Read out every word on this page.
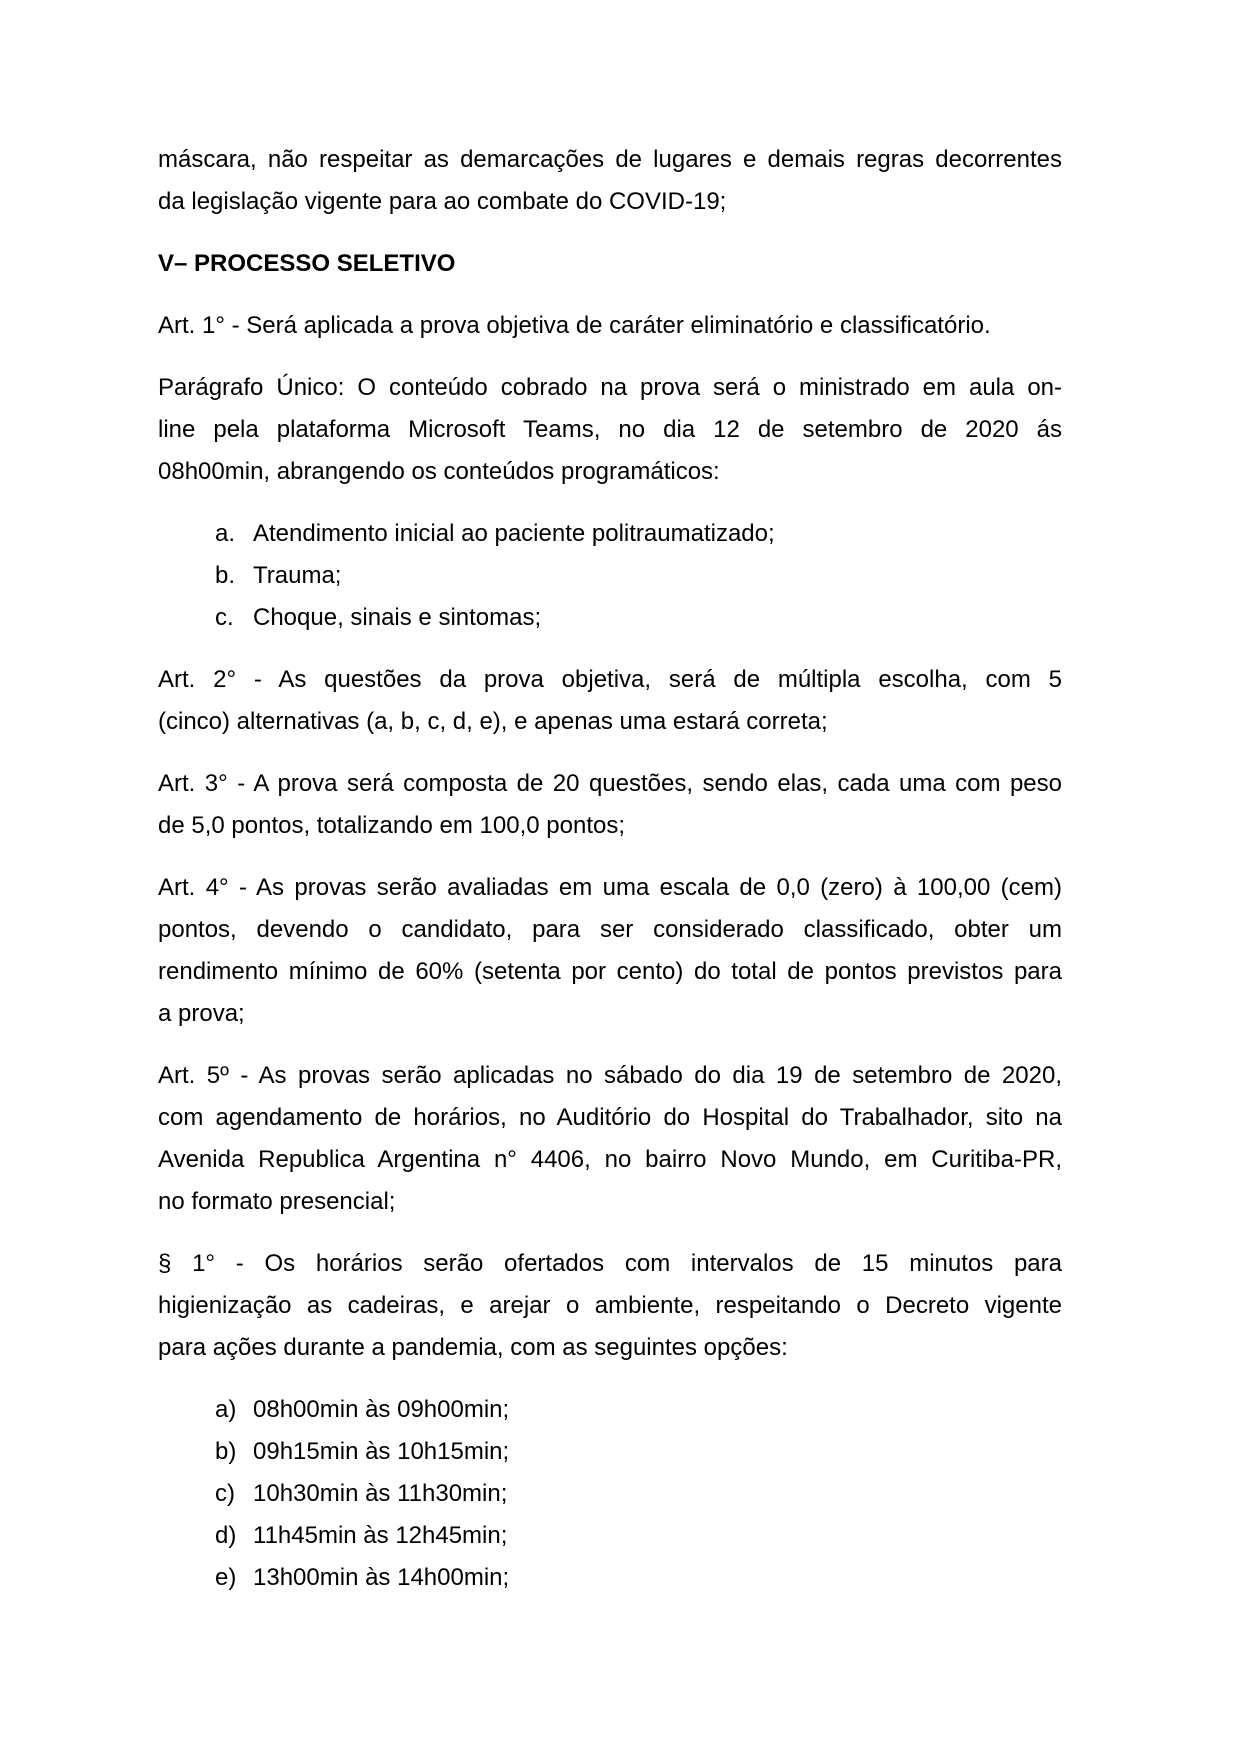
máscara, não respeitar as demarcações de lugares e demais regras decorrentes
da legislação vigente para ao combate do COVID-19;
V– PROCESSO SELETIVO
Art. 1° - Será aplicada a prova objetiva de caráter eliminatório e classificatório.
Parágrafo Único: O conteúdo cobrado na prova será o ministrado em aula on-
line pela plataforma Microsoft Teams, no dia 12 de setembro de 2020 ás
08h00min, abrangendo os conteúdos programáticos:
a. Atendimento inicial ao paciente politraumatizado;
b. Trauma;
c. Choque, sinais e sintomas;
Art. 2° - As questões da prova objetiva, será de múltipla escolha, com 5
(cinco) alternativas (a, b, c, d, e), e apenas uma estará correta;
Art. 3° - A prova será composta de 20 questões, sendo elas, cada uma com peso
de 5,0 pontos, totalizando em 100,0 pontos;
Art. 4° - As provas serão avaliadas em uma escala de 0,0 (zero) à 100,00 (cem)
pontos, devendo o candidato, para ser considerado classificado, obter um
rendimento mínimo de 60% (setenta por cento) do total de pontos previstos para
a prova;
Art. 5º - As provas serão aplicadas no sábado do dia 19 de setembro de 2020,
com agendamento de horários, no Auditório do Hospital do Trabalhador, sito na
Avenida Republica Argentina n° 4406, no bairro Novo Mundo, em Curitiba-PR,
no formato presencial;
§ 1° - Os horários serão ofertados com intervalos de 15 minutos para
higienização as cadeiras, e arejar o ambiente, respeitando o Decreto vigente
para ações durante a pandemia, com as seguintes opções:
a) 08h00min às 09h00min;
b) 09h15min às 10h15min;
c) 10h30min às 11h30min;
d) 11h45min às 12h45min;
e) 13h00min às 14h00min;
